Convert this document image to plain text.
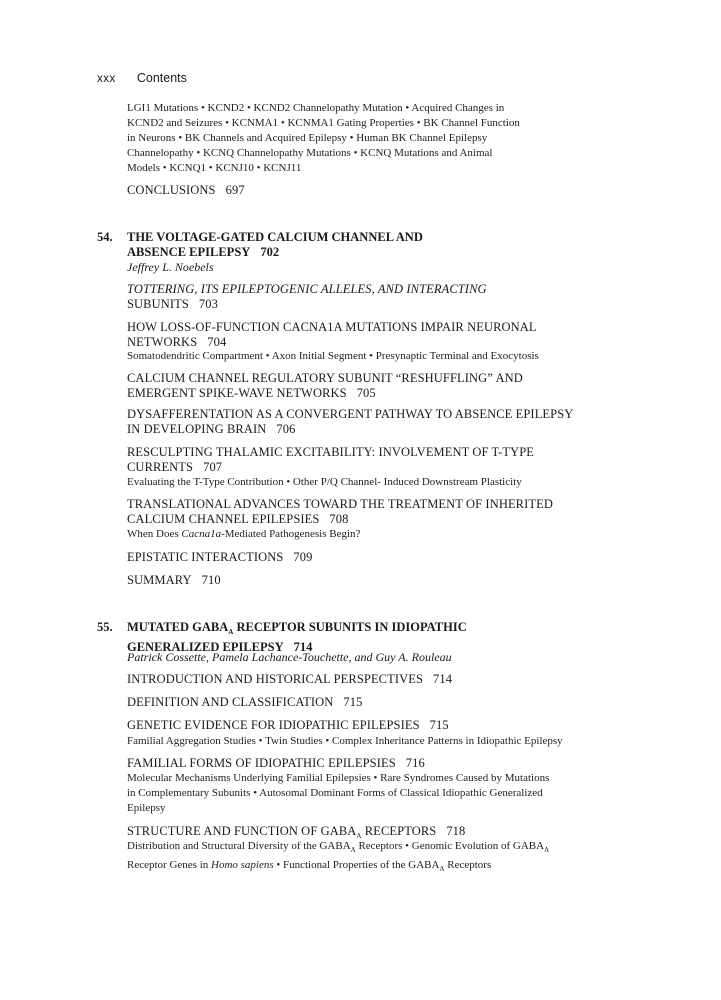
xxx Contents
LGI1 Mutations • KCND2 • KCND2 Channelopathy Mutation • Acquired Changes in
KCND2 and Seizures • KCNMA1 • KCNMA1 Gating Properties • BK Channel Function
in Neurons • BK Channels and Acquired Epilepsy • Human BK Channel Epilepsy
Channelopathy • KCNQ Channelopathy Mutations • KCNQ Mutations and Animal
Models • KCNQ1 • KCNJ10 • KCNJ11
CONCLUSIONS 697
54. THE VOLTAGE-GATED CALCIUM CHANNEL AND
ABSENCE EPILEPSY 702
Jeffrey L. Noebels
TOTTERING, ITS EPILEPTOGENIC ALLELES, AND INTERACTING
SUBUNITS 703
HOW LOSS-OF-FUNCTION CACNA1A MUTATIONS IMPAIR NEURONAL
NETWORKS 704
Somatodendritic Compartment • Axon Initial Segment • Presynaptic Terminal and Exocytosis
CALCIUM CHANNEL REGULATORY SUBUNIT “RESHUFFLING” AND
EMERGENT SPIKE-WAVE NETWORKS 705
DYSAFFERENTATION AS A CONVERGENT PATHWAY TO ABSENCE EPILEPSY
IN DEVELOPING BRAIN 706
RESCULPTING THALAMIC EXCITABILITY: INVOLVEMENT OF T-TYPE
CURRENTS 707
Evaluating the T-Type Contribution • Other P/Q Channel- Induced Downstream Plasticity
TRANSLATIONAL ADVANCES TOWARD THE TREATMENT OF INHERITED
CALCIUM CHANNEL EPILEPSIES 708
When Does Cacna1a-Mediated Pathogenesis Begin?
EPISTATIC INTERACTIONS 709
SUMMARY 710
55. MUTATED $GABA_A$ RECEPTOR SUBUNITS IN IDIOPATHIC
GENERALIZED EPILEPSY 714
Patrick Cossette, Pamela Lachance-Touchette, and Guy A. Rouleau
INTRODUCTION AND HISTORICAL PERSPECTIVES 714
DEFINITION AND CLASSIFICATION 715
GENETIC EVIDENCE FOR IDIOPATHIC EPILEPSIES 715
Familial Aggregation Studies • Twin Studies • Complex Inheritance Patterns in Idiopathic Epilepsy
FAMILIAL FORMS OF IDIOPATHIC EPILEPSIES 716
Molecular Mechanisms Underlying Familial Epilepsies • Rare Syndromes Caused by Mutations
in Complementary Subunits • Autosomal Dominant Forms of Classical Idiopathic Generalized
Epilepsy
STRUCTURE AND FUNCTION OF $GABA_A$ RECEPTORS 718
Distribution and Structural Diversity of the $GABA_A$ Receptors • Genomic Evolution of $GABA_A$
Receptor Genes in Homo sapiens • Functional Properties of the $GABA_A$ Receptors
